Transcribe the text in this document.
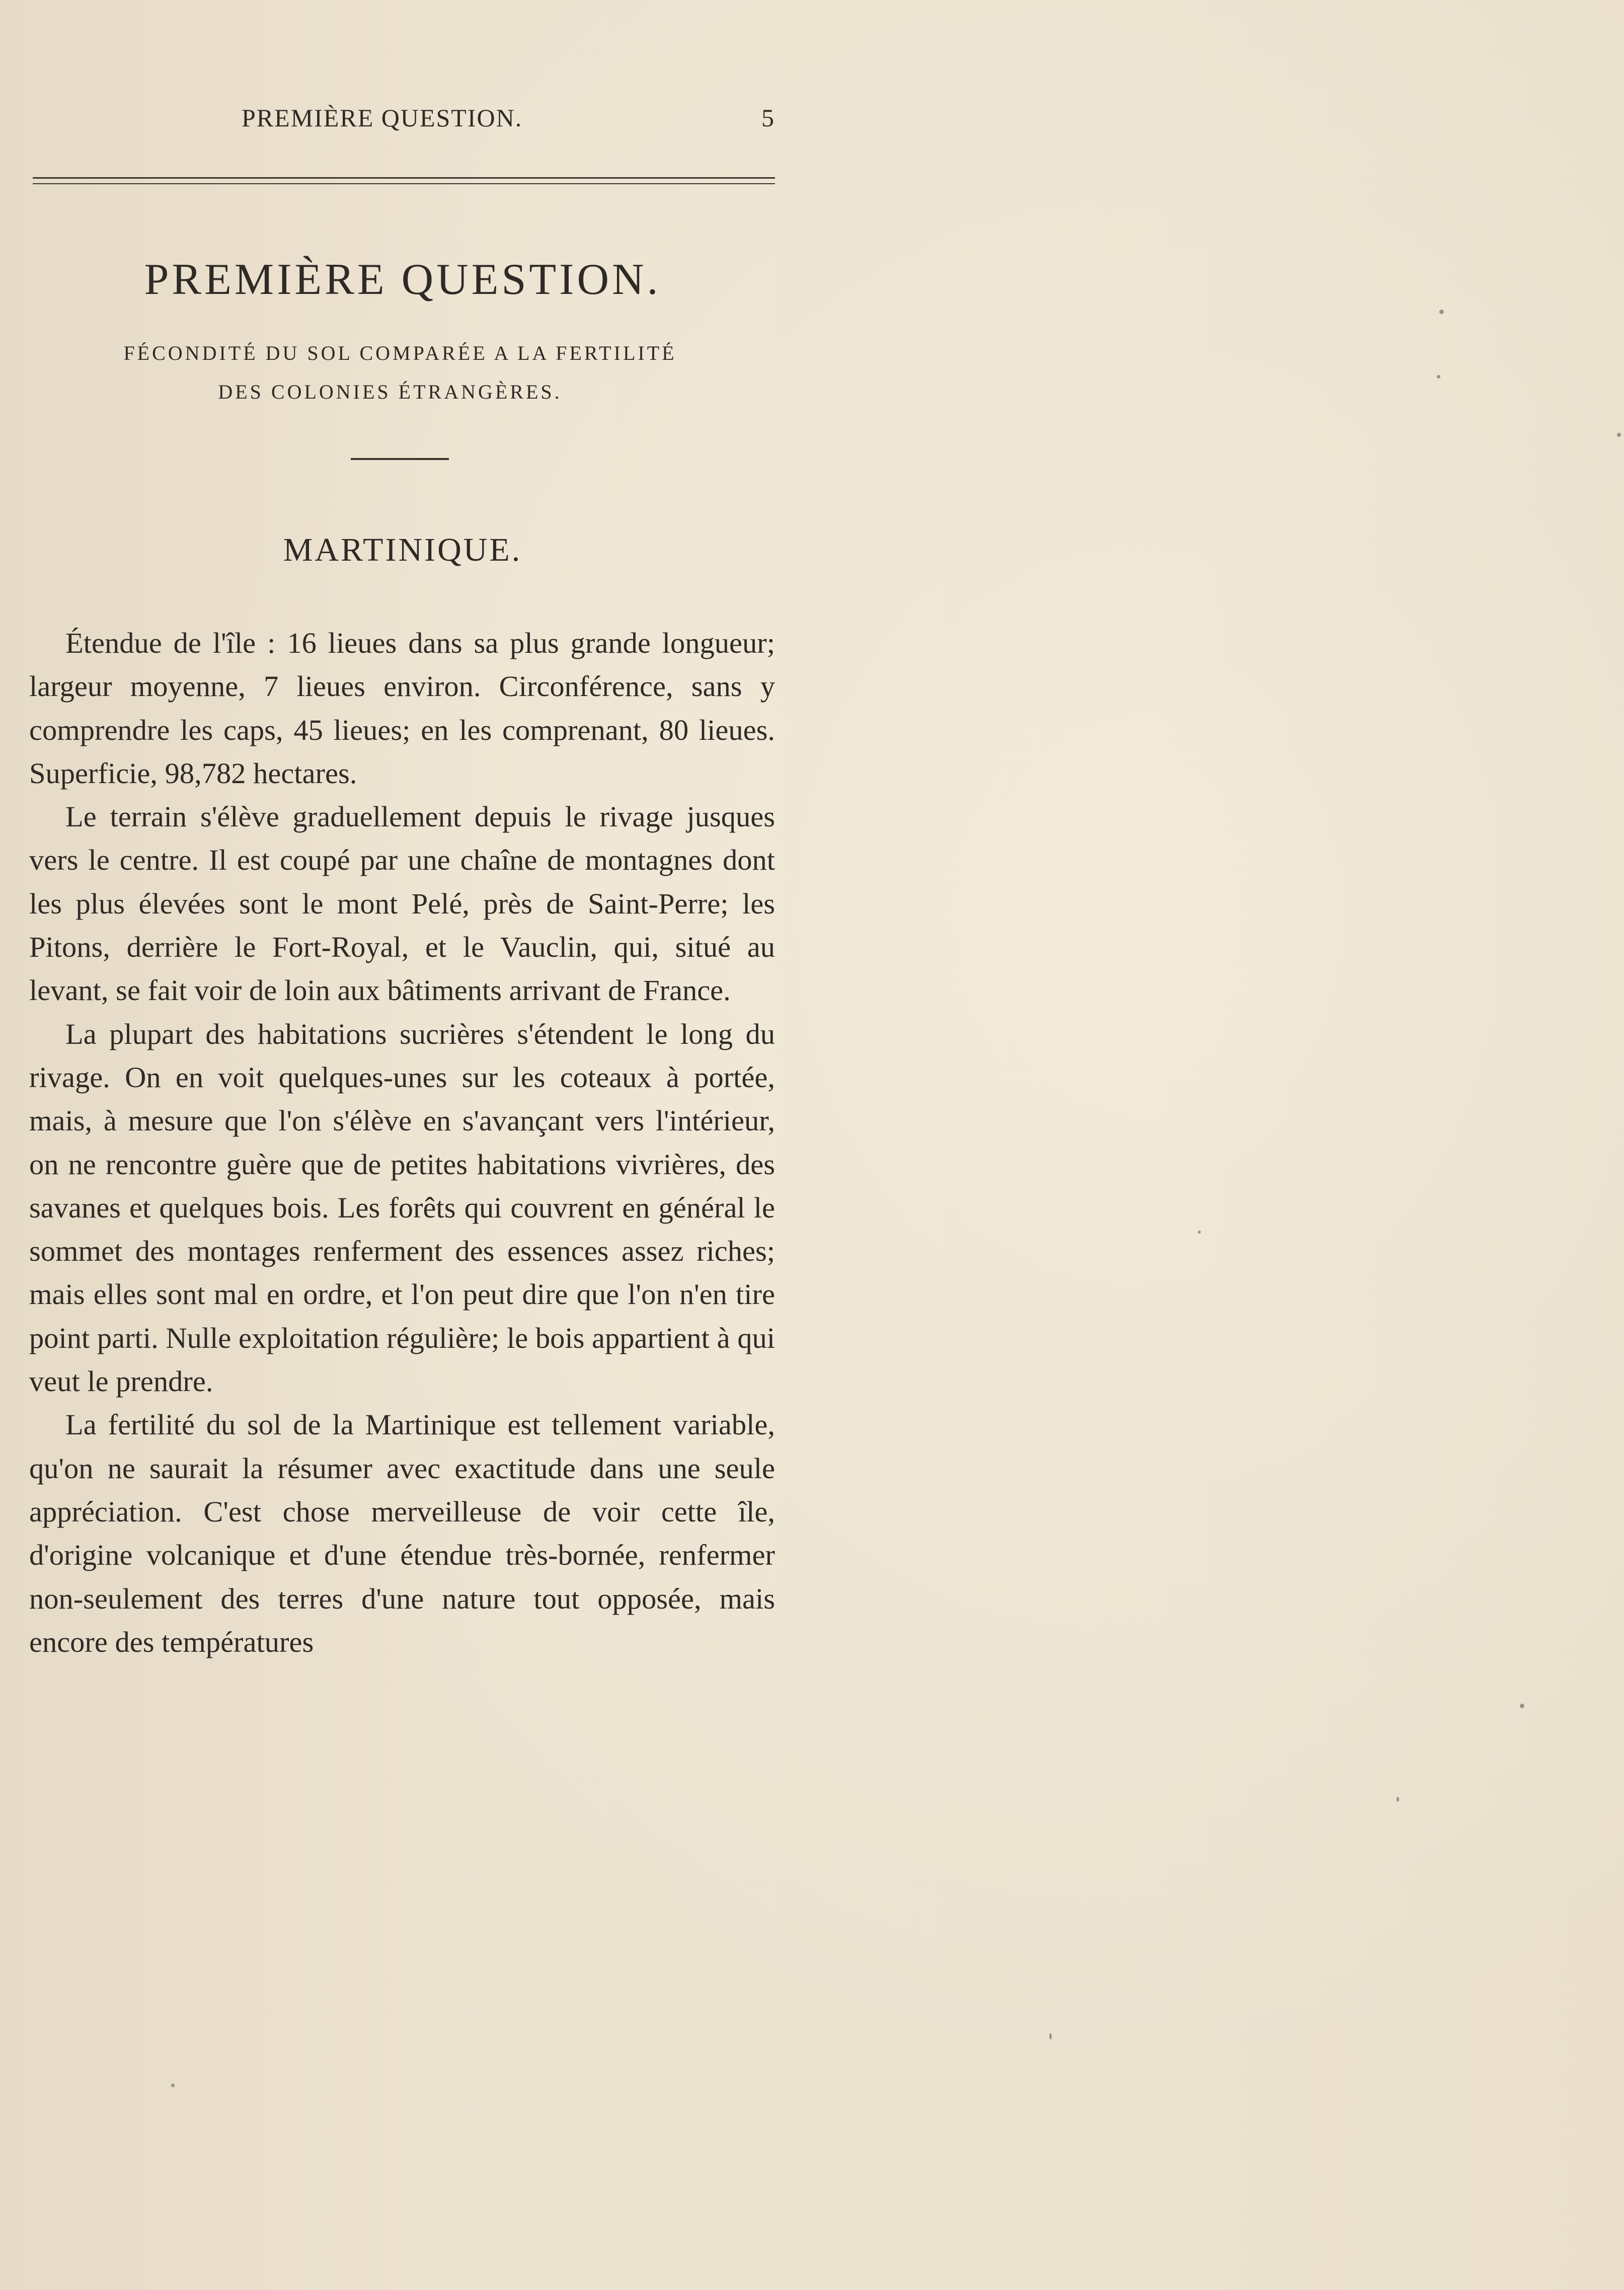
PREMIÈRE QUESTION.	5
PREMIÈRE QUESTION.
FÉCONDITÉ DU SOL COMPARÉE A LA FERTILITÉ
DES COLONIES ÉTRANGÈRES.
MARTINIQUE.

Étendue de l'île : 16 lieues dans sa plus grande longueur; largeur moyenne, 7 lieues environ. Circonférence, sans y comprendre les caps, 45 lieues; en les comprenant, 80 lieues. Superficie, 98,782 hectares.

Le terrain s'élève graduellement depuis le rivage jusques vers le centre. Il est coupé par une chaîne de montagnes dont les plus élevées sont le mont Pelé, près de Saint-Perre; les Pitons, derrière le Fort-Royal, et le Vauclin, qui, situé au levant, se fait voir de loin aux bâtiments arrivant de France.

La plupart des habitations sucrières s'étendent le long du rivage. On en voit quelques-unes sur les coteaux à portée, mais, à mesure que l'on s'élève en s'avançant vers l'intérieur, on ne rencontre guère que de petites habitations vivrières, des savanes et quelques bois. Les forêts qui couvrent en général le sommet des montages renferment des essences assez riches; mais elles sont mal en ordre, et l'on peut dire que l'on n'en tire point parti. Nulle exploitation régulière; le bois appartient à qui veut le prendre.

La fertilité du sol de la Martinique est tellement variable, qu'on ne saurait la résumer avec exactitude dans une seule appréciation. C'est chose merveilleuse de voir cette île, d'origine volcanique et d'une étendue très-bornée, renfermer non-seulement des terres d'une nature tout opposée, mais encore des températures
